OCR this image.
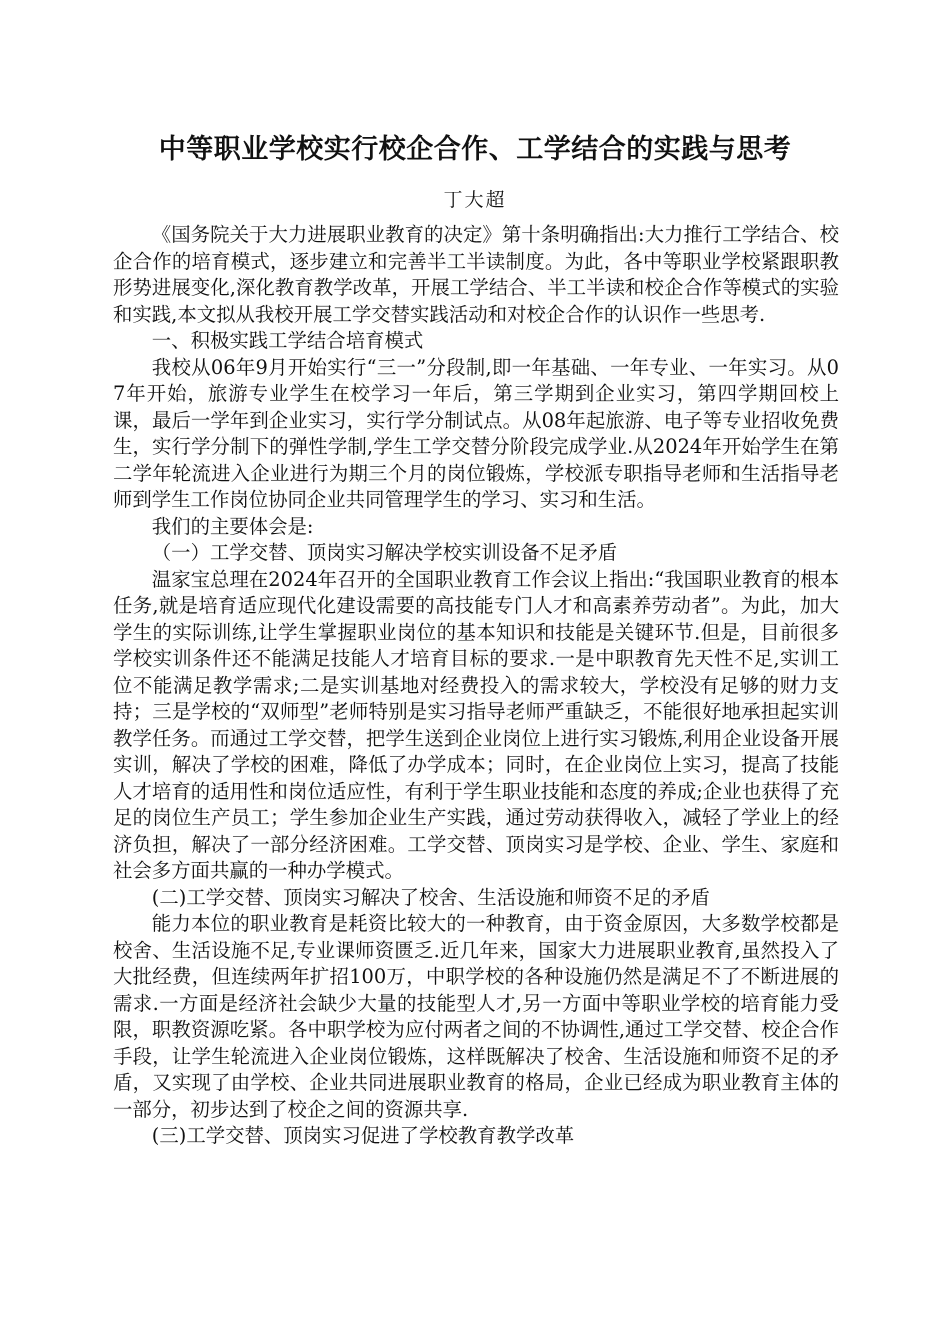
中等职业学校实行校企合作、工学结合的实践与思考

丁大超

《国务院关于大力进展职业教育的决定》第十条明确指出:大力推行工学结合、校企合作的培育模式，逐步建立和完善半工半读制度。为此，各中等职业学校紧跟职教形势进展变化,深化教育教学改革，开展工学结合、半工半读和校企合作等模式的实验和实践,本文拟从我校开展工学交替实践活动和对校企合作的认识作一些思考.

一、积极实践工学结合培育模式

我校从06年9月开始实行“三一”分段制,即一年基础、一年专业、一年实习。从07年开始，旅游专业学生在校学习一年后，第三学期到企业实习，第四学期回校上课，最后一学年到企业实习，实行学分制试点。从08年起旅游、电子等专业招收免费生，实行学分制下的弹性学制,学生工学交替分阶段完成学业.从2024年开始学生在第二学年轮流进入企业进行为期三个月的岗位锻炼，学校派专职指导老师和生活指导老师到学生工作岗位协同企业共同管理学生的学习、实习和生活。

我们的主要体会是:

（一）工学交替、顶岗实习解决学校实训设备不足矛盾

温家宝总理在2024年召开的全国职业教育工作会议上指出:“我国职业教育的根本任务,就是培育适应现代化建设需要的高技能专门人才和高素养劳动者”。为此，加大学生的实际训练,让学生掌握职业岗位的基本知识和技能是关键环节.但是，目前很多学校实训条件还不能满足技能人才培育目标的要求.一是中职教育先天性不足,实训工位不能满足教学需求;二是实训基地对经费投入的需求较大，学校没有足够的财力支持；三是学校的“双师型”老师特别是实习指导老师严重缺乏，不能很好地承担起实训教学任务。而通过工学交替，把学生送到企业岗位上进行实习锻炼,利用企业设备开展实训，解决了学校的困难，降低了办学成本；同时，在企业岗位上实习，提高了技能人才培育的适用性和岗位适应性，有利于学生职业技能和态度的养成;企业也获得了充足的岗位生产员工；学生参加企业生产实践，通过劳动获得收入，减轻了学业上的经济负担，解决了一部分经济困难。工学交替、顶岗实习是学校、企业、学生、家庭和社会多方面共赢的一种办学模式。

(二)工学交替、顶岗实习解决了校舍、生活设施和师资不足的矛盾

能力本位的职业教育是耗资比较大的一种教育，由于资金原因，大多数学校都是校舍、生活设施不足,专业课师资匮乏.近几年来，国家大力进展职业教育,虽然投入了大批经费，但连续两年扩招100万，中职学校的各种设施仍然是满足不了不断进展的需求.一方面是经济社会缺少大量的技能型人才,另一方面中等职业学校的培育能力受限，职教资源吃紧。各中职学校为应付两者之间的不协调性,通过工学交替、校企合作手段，让学生轮流进入企业岗位锻炼，这样既解决了校舍、生活设施和师资不足的矛盾，又实现了由学校、企业共同进展职业教育的格局，企业已经成为职业教育主体的一部分，初步达到了校企之间的资源共享.

(三)工学交替、顶岗实习促进了学校教育教学改革
